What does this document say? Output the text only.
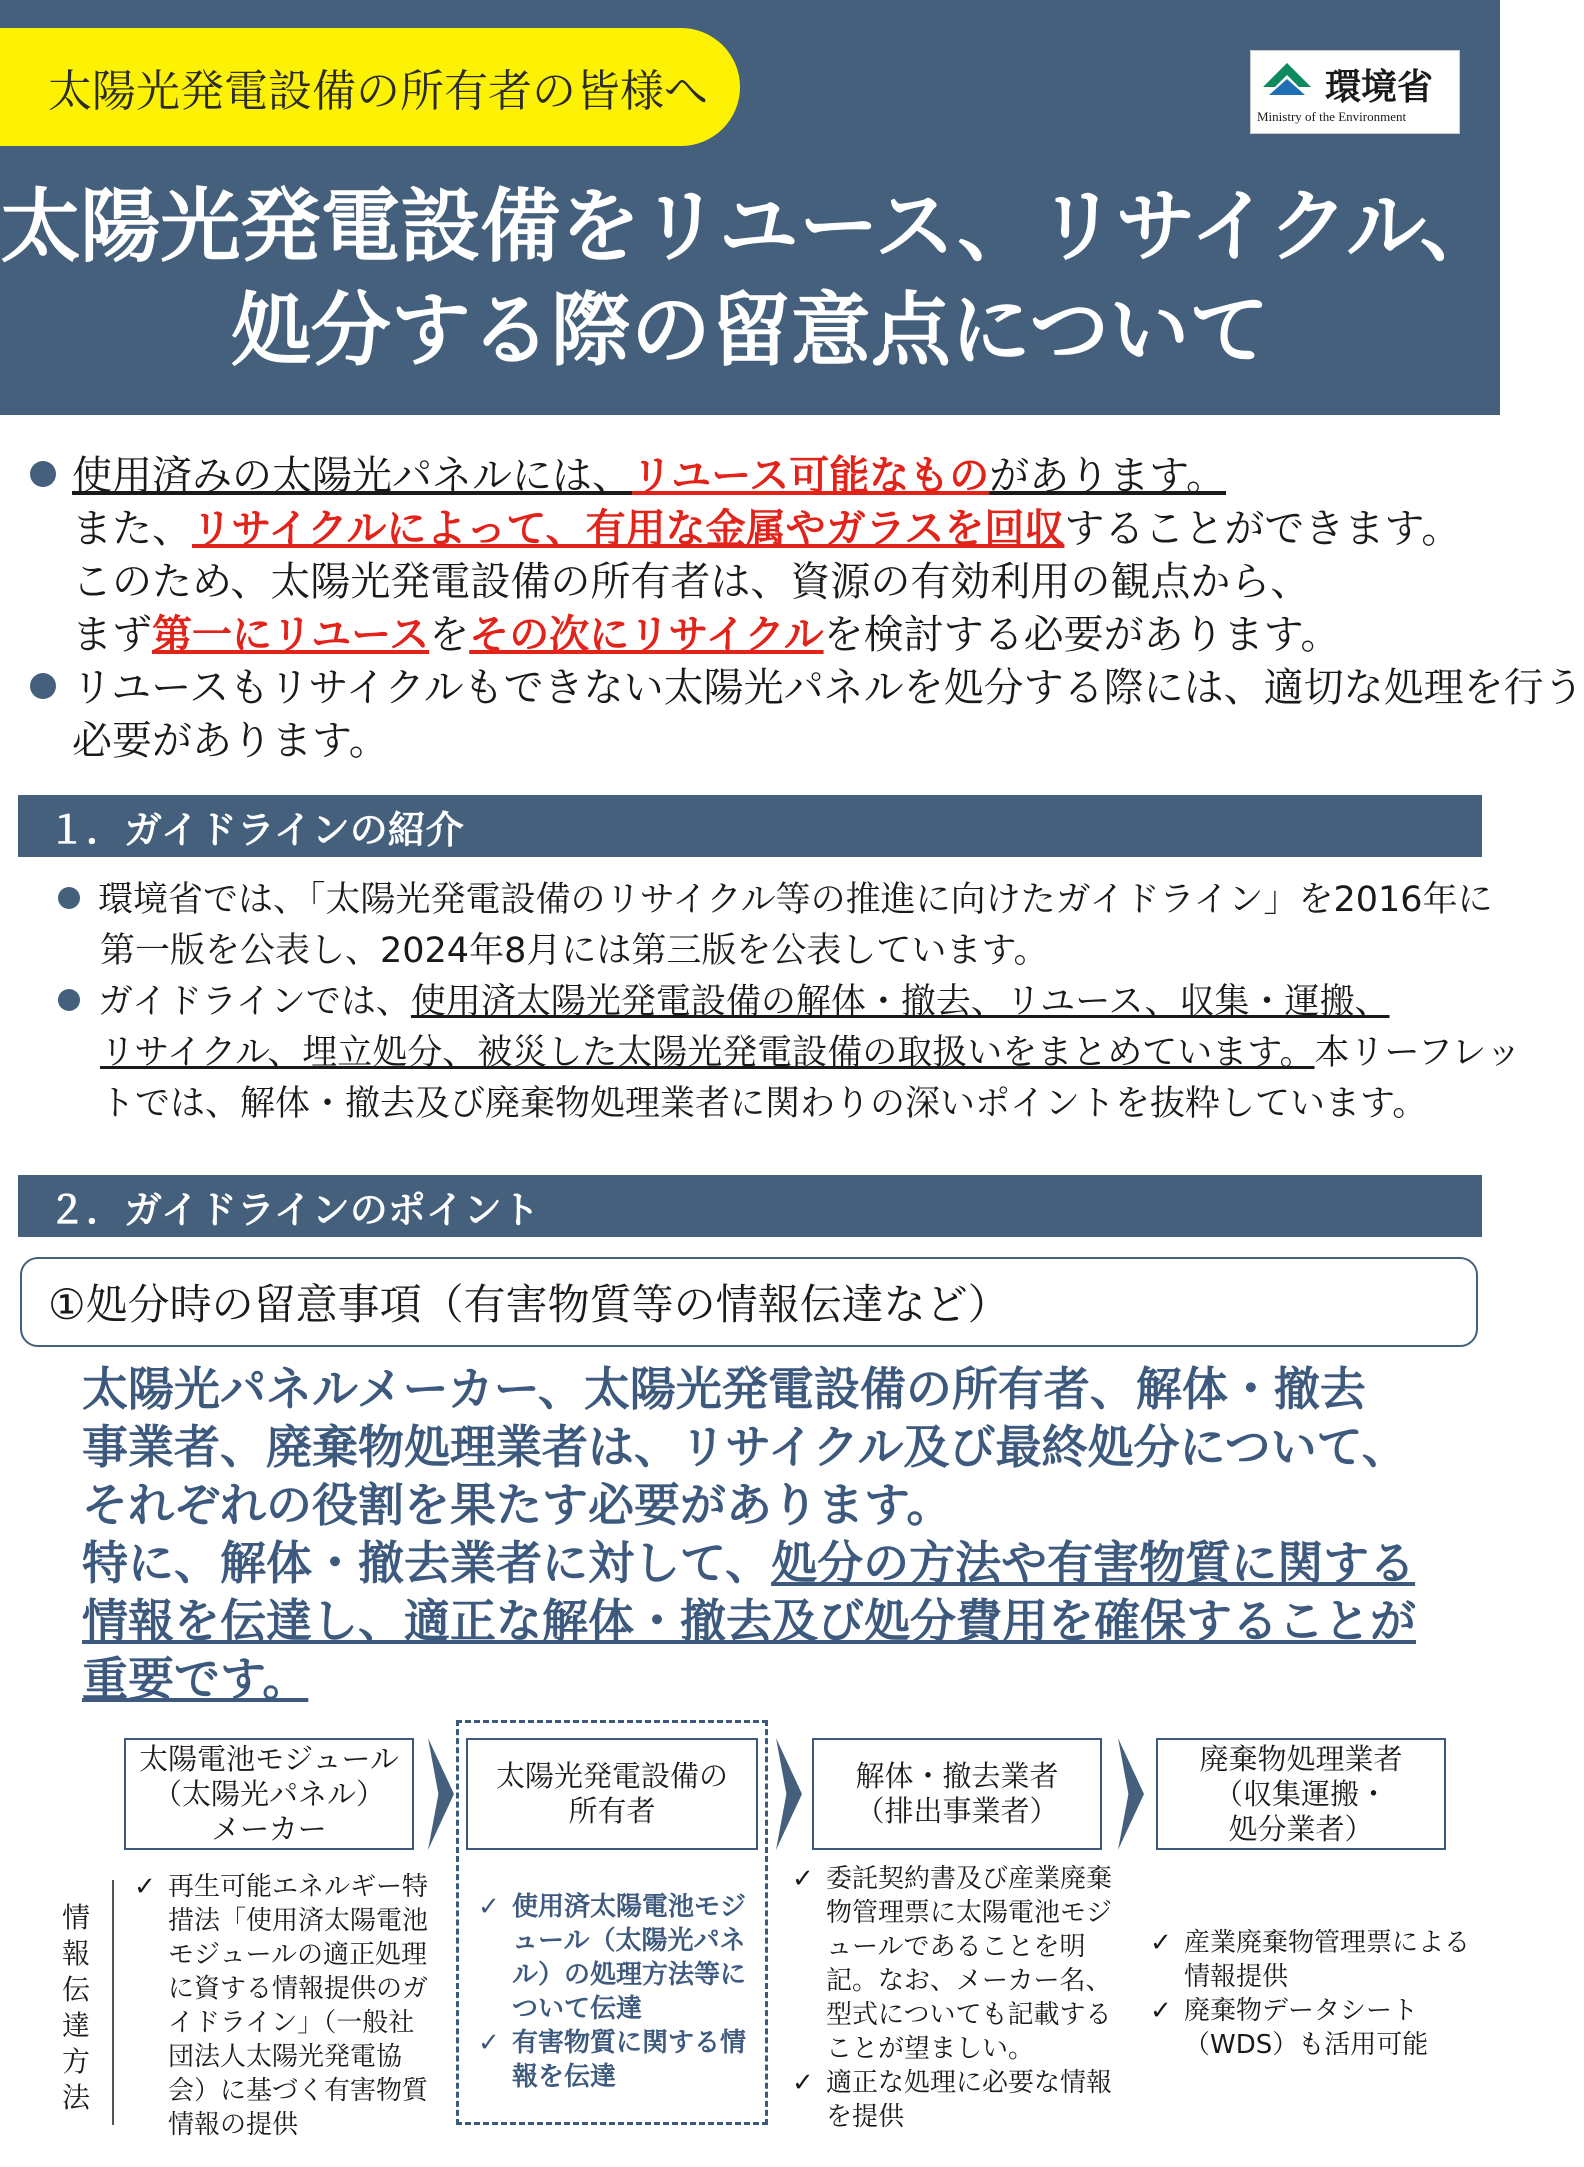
太陽光発電設備の所有者の皆様へ	環境省
Ministry of the Environment
太陽光発電設備をリユース、リサイクル、
処分する際の留意点について
使用済みの太陽光パネルには、リユース可能なものがあります。
また、リサイクルによって、有用な金属やガラスを回収することができます。
このため、太陽光発電設備の所有者は、資源の有効利用の観点から、
まず第一にリユースをその次にリサイクルを検討する必要があります。
リユースもリサイクルもできない太陽光パネルを処分する際には、適切な処理を行う
必要があります。
１．ガイドラインの紹介
環境省では、「太陽光発電設備のリサイクル等の推進に向けたガイドライン」を2016年に
第一版を公表し、2024年8月には第三版を公表しています。
ガイドラインでは、使用済太陽光発電設備の解体・撤去、リユース、収集・運搬、
リサイクル、埋立処分、被災した太陽光発電設備の取扱いをまとめています。本リーフレッ
トでは、解体・撤去及び廃棄物処理業者に関わりの深いポイントを抜粋しています。
２．ガイドラインのポイント
①処分時の留意事項（有害物質等の情報伝達など）
太陽光パネルメーカー、太陽光発電設備の所有者、解体・撤去
事業者、廃棄物処理業者は、リサイクル及び最終処分について、
それぞれの役割を果たす必要があります。
特に、解体・撤去業者に対して、処分の方法や有害物質に関する
情報を伝達し、適正な解体・撤去及び処分費用を確保することが
重要です。
太陽電池モジュール
（太陽光パネル）
メーカー
太陽光発電設備の
所有者
解体・撤去業者
（排出事業者）
廃棄物処理業者
（収集運搬・
処分業者）
情報伝達方法
✓ 再生可能エネルギー特措法「使用済太陽電池モジュールの適正処理に資する情報提供のガイドライン」（一般社団法人太陽光発電協会）に基づく有害物質情報の提供
✓ 使用済太陽電池モジュール（太陽光パネル）の処理方法等について伝達
✓ 有害物質に関する情報を伝達
✓ 委託契約書及び産業廃棄物管理票に太陽電池モジュールであることを明記。なお、メーカー名、型式についても記載することが望ましい。
✓ 適正な処理に必要な情報を提供
✓ 産業廃棄物管理票による情報提供
✓ 廃棄物データシート（WDS）も活用可能
